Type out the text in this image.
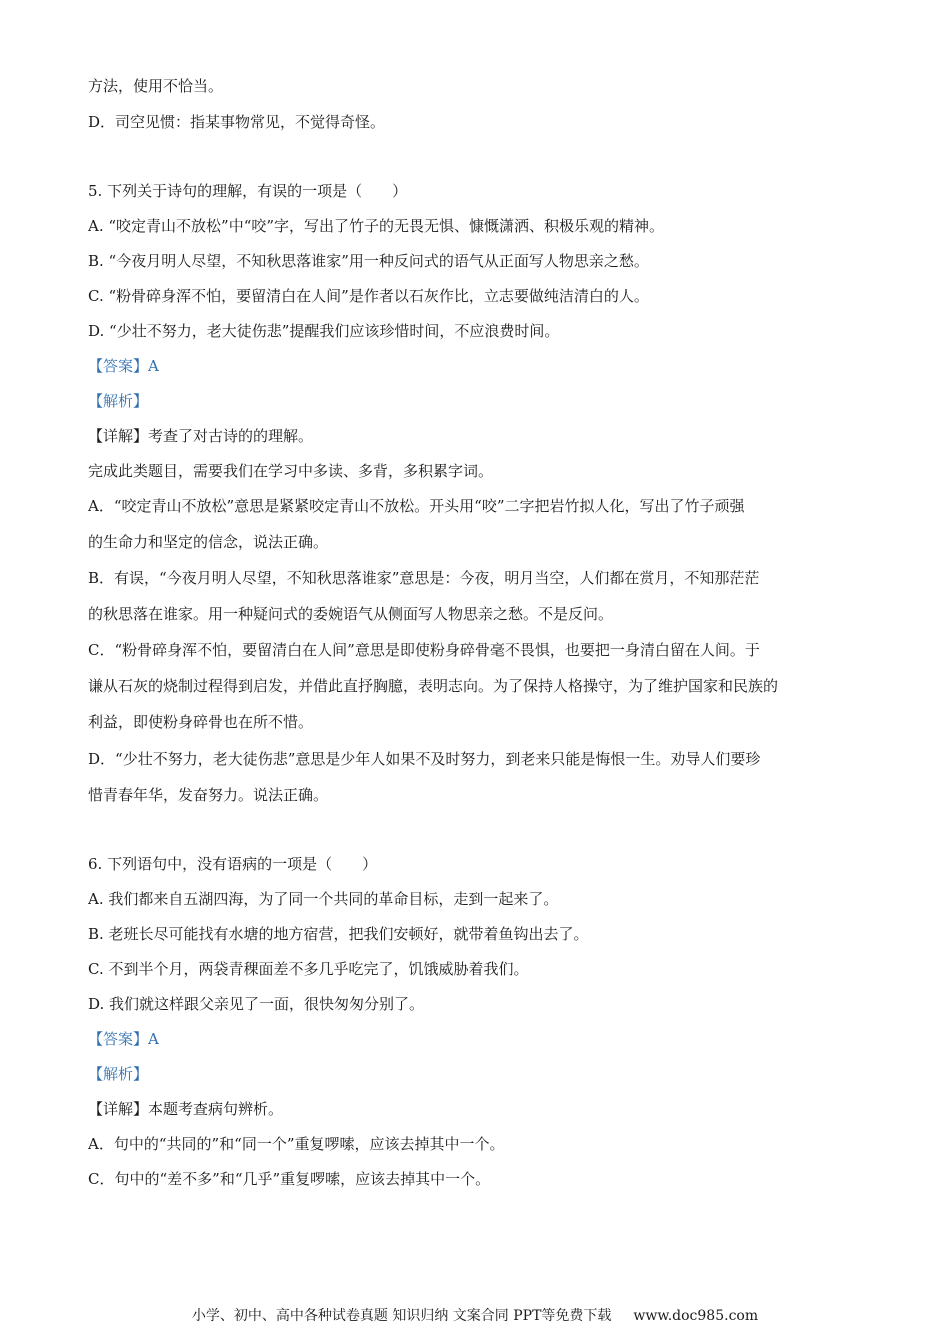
方法，使用不恰当。
D．司空见惯：指某事物常见，不觉得奇怪。
5. 下列关于诗句的理解，有误的一项是（　　）
A. “咬定青山不放松”中“咬”字，写出了竹子的无畏无惧、慷慨潇洒、积极乐观的精神。
B. “今夜月明人尽望，不知秋思落谁家”用一种反问式的语气从正面写人物思亲之愁。
C. “粉骨碎身浑不怕，要留清白在人间”是作者以石灰作比，立志要做纯洁清白的人。
D. “少壮不努力，老大徒伤悲”提醒我们应该珍惜时间，不应浪费时间。
【答案】A
【解析】
【详解】考查了对古诗的的理解。
完成此类题目，需要我们在学习中多读、多背，多积累字词。
A．“咬定青山不放松”意思是紧紧咬定青山不放松。开头用“咬”二字把岩竹拟人化，写出了竹子顽强
的生命力和坚定的信念，说法正确。
B．有误，“今夜月明人尽望，不知秋思落谁家”意思是：今夜，明月当空，人们都在赏月，不知那茫茫
的秋思落在谁家。用一种疑问式的委婉语气从侧面写人物思亲之愁。不是反问。
C．“粉骨碎身浑不怕，要留清白在人间”意思是即使粉身碎骨毫不畏惧，也要把一身清白留在人间。于
谦从石灰的烧制过程得到启发，并借此直抒胸臆，表明志向。为了保持人格操守，为了维护国家和民族的
利益，即使粉身碎骨也在所不惜。
D．“少壮不努力，老大徒伤悲”意思是少年人如果不及时努力，到老来只能是悔恨一生。劝导人们要珍
惜青春年华，发奋努力。说法正确。
6. 下列语句中，没有语病的一项是（　　）
A. 我们都来自五湖四海，为了同一个共同的革命目标，走到一起来了。
B. 老班长尽可能找有水塘的地方宿营，把我们安顿好，就带着鱼钩出去了。
C. 不到半个月，两袋青稞面差不多几乎吃完了，饥饿威胁着我们。
D. 我们就这样跟父亲见了一面，很快匆匆分别了。
【答案】A
【解析】
【详解】本题考查病句辨析。
A．句中的“共同的”和“同一个”重复啰嗦，应该去掉其中一个。
C．句中的“差不多”和“几乎”重复啰嗦，应该去掉其中一个。
小学、初中、高中各种试卷真题 知识归纳 文案合同 PPT等免费下载 www.doc985.com
